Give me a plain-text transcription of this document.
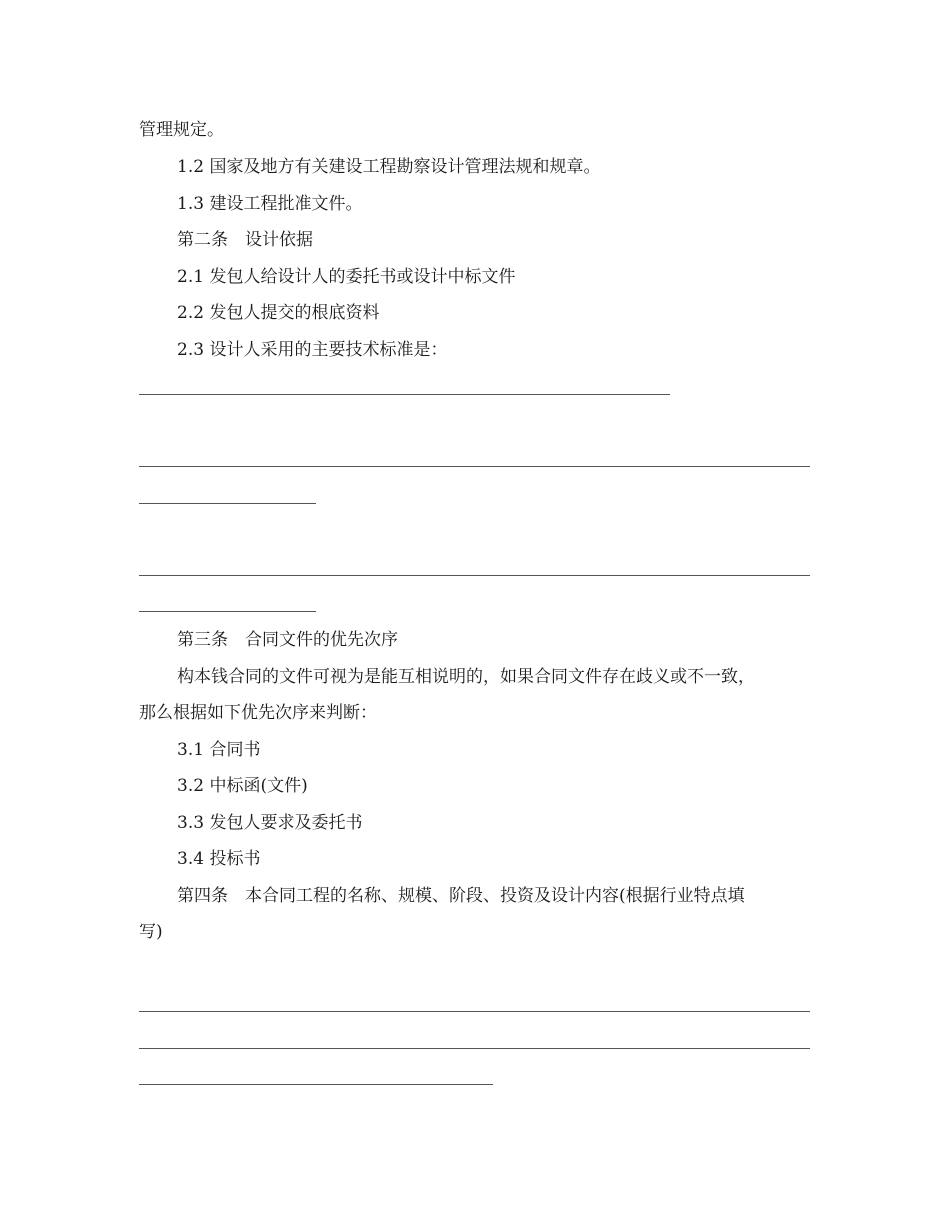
管理规定。
1.2 国家及地方有关建设工程勘察设计管理法规和规章。
1.3 建设工程批准文件。
第二条　设计依据
2.1 发包人给设计人的委托书或设计中标文件
2.2 发包人提交的根底资料
2.3 设计人采用的主要技术标准是：
第三条　合同文件的优先次序
构本钱合同的文件可视为是能互相说明的，如果合同文件存在歧义或不一致，
那么根据如下优先次序来判断：
3.1 合同书
3.2 中标函(文件)
3.3 发包人要求及委托书
3.4 投标书
第四条　本合同工程的名称、规模、阶段、投资及设计内容(根据行业特点填
写)
